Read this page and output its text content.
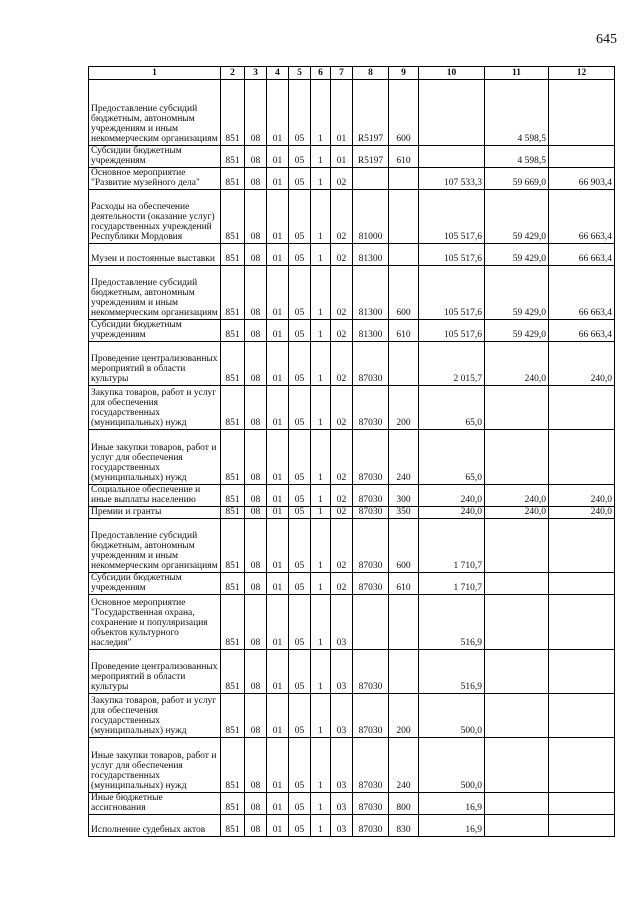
645
1	2	3	4	5	6	7	8	9	10	11	12
Предоставление субсидий бюджетным, автономным учреждениям и иным некоммерческим организациям	851	08	01	05	1	01	R5197	600		4 598,5	
Субсидии бюджетным учреждениям	851	08	01	05	1	01	R5197	610		4 598,5	
Основное мероприятие "Развитие музейного дела"	851	08	01	05	1	02			107 533,3	59 669,0	66 903,4
Расходы на обеспечение деятельности (оказание услуг) государственных учреждений Республики Мордовия	851	08	01	05	1	02	81000		105 517,6	59 429,0	66 663,4
Музеи и постоянные выставки	851	08	01	05	1	02	81300		105 517,6	59 429,0	66 663,4
Предоставление субсидий бюджетным, автономным учреждениям и иным некоммерческим организациям	851	08	01	05	1	02	81300	600	105 517,6	59 429,0	66 663,4
Субсидии бюджетным учреждениям	851	08	01	05	1	02	81300	610	105 517,6	59 429,0	66 663,4
Проведение централизованных мероприятий в области культуры	851	08	01	05	1	02	87030		2 015,7	240,0	240,0
Закупка товаров, работ и услуг для обеспечения государственных (муниципальных) нужд	851	08	01	05	1	02	87030	200	65,0		
Иные закупки товаров, работ и услуг для обеспечения государственных (муниципальных) нужд	851	08	01	05	1	02	87030	240	65,0		
Социальное обеспечение и иные выплаты населению	851	08	01	05	1	02	87030	300	240,0	240,0	240,0
Премии и гранты	851	08	01	05	1	02	87030	350	240,0	240,0	240,0
Предоставление субсидий бюджетным, автономным учреждениям и иным некоммерческим организациям	851	08	01	05	1	02	87030	600	1 710,7		
Субсидии бюджетным учреждениям	851	08	01	05	1	02	87030	610	1 710,7		
Основное мероприятие "Государственная охрана, сохранение и популяризация объектов культурного наследия"	851	08	01	05	1	03			516,9		
Проведение централизованных мероприятий в области культуры	851	08	01	05	1	03	87030		516,9		
Закупка товаров, работ и услуг для обеспечения государственных (муниципальных) нужд	851	08	01	05	1	03	87030	200	500,0		
Иные закупки товаров, работ и услуг для обеспечения государственных (муниципальных) нужд	851	08	01	05	1	03	87030	240	500,0		
Иные бюджетные ассигнования	851	08	01	05	1	03	87030	800	16,9		
Исполнение судебных актов	851	08	01	05	1	03	87030	830	16,9		
